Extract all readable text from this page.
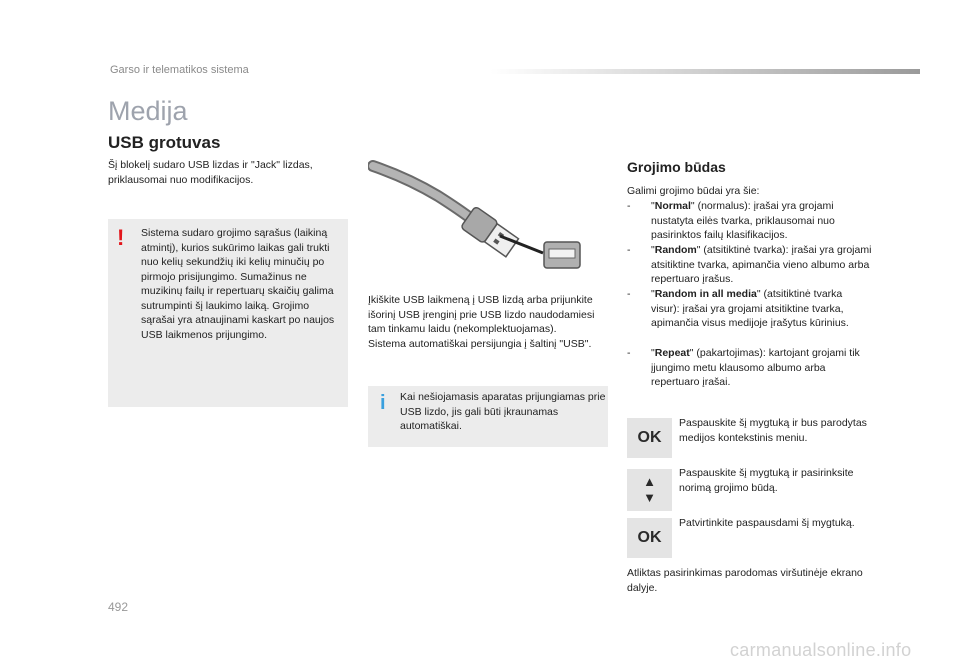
Garso ir telematikos sistema
Medija
USB grotuvas
Šį blokelį sudaro USB lizdas ir "Jack" lizdas, priklausomai nuo modifikacijos.
! Sistema sudaro grojimo sąrašus (laikiną atmintį), kurios sukūrimo laikas gali trukti nuo kelių sekundžių iki kelių minučių po pirmojo prisijungimo. Sumažinus ne muzikinų failų ir repertuarų skaičių galima sutrumpinti šį laukimo laiką. Grojimo sąrašai yra atnaujinami kaskart po naujos USB laikmenos prijungimo.
Įkiškite USB laikmeną į USB lizdą arba prijunkite išorinį USB įrenginį prie USB lizdo naudodamiesi tam tinkamu laidu (nekomplektuojamas).
Sistema automatiškai persijungia į šaltinį "USB".
i Kai nešiojamasis aparatas prijungiamas prie USB lizdo, jis gali būti įkraunamas automatiškai.
Grojimo būdas
Galimi grojimo būdai yra šie:
- "Normal" (normalus): įrašai yra grojami nustatyta eilės tvarka, priklausomai nuo pasirinktos failų klasifikacijos.
- "Random" (atsitiktinė tvarka): įrašai yra grojami atsitiktine tvarka, apimančia vieno albumo arba repertuaro įrašus.
- "Random in all media" (atsitiktinė tvarka visur): įrašai yra grojami atsitiktine tvarka, apimančia visus medijoje įrašytus kūrinius.
- "Repeat" (pakartojimas): kartojant grojami tik įjungimo metu klausomo albumo arba repertuaro įrašai.
OK
Paspauskite šį mygtuką ir bus parodytas medijos kontekstinis meniu.
▲
▼
Paspauskite šį mygtuką ir pasirinksite norimą grojimo būdą.
OK
Patvirtinkite paspausdami šį mygtuką.
Atliktas pasirinkimas parodomas viršutinėje ekrano dalyje.
492
carmanualsonline.info
